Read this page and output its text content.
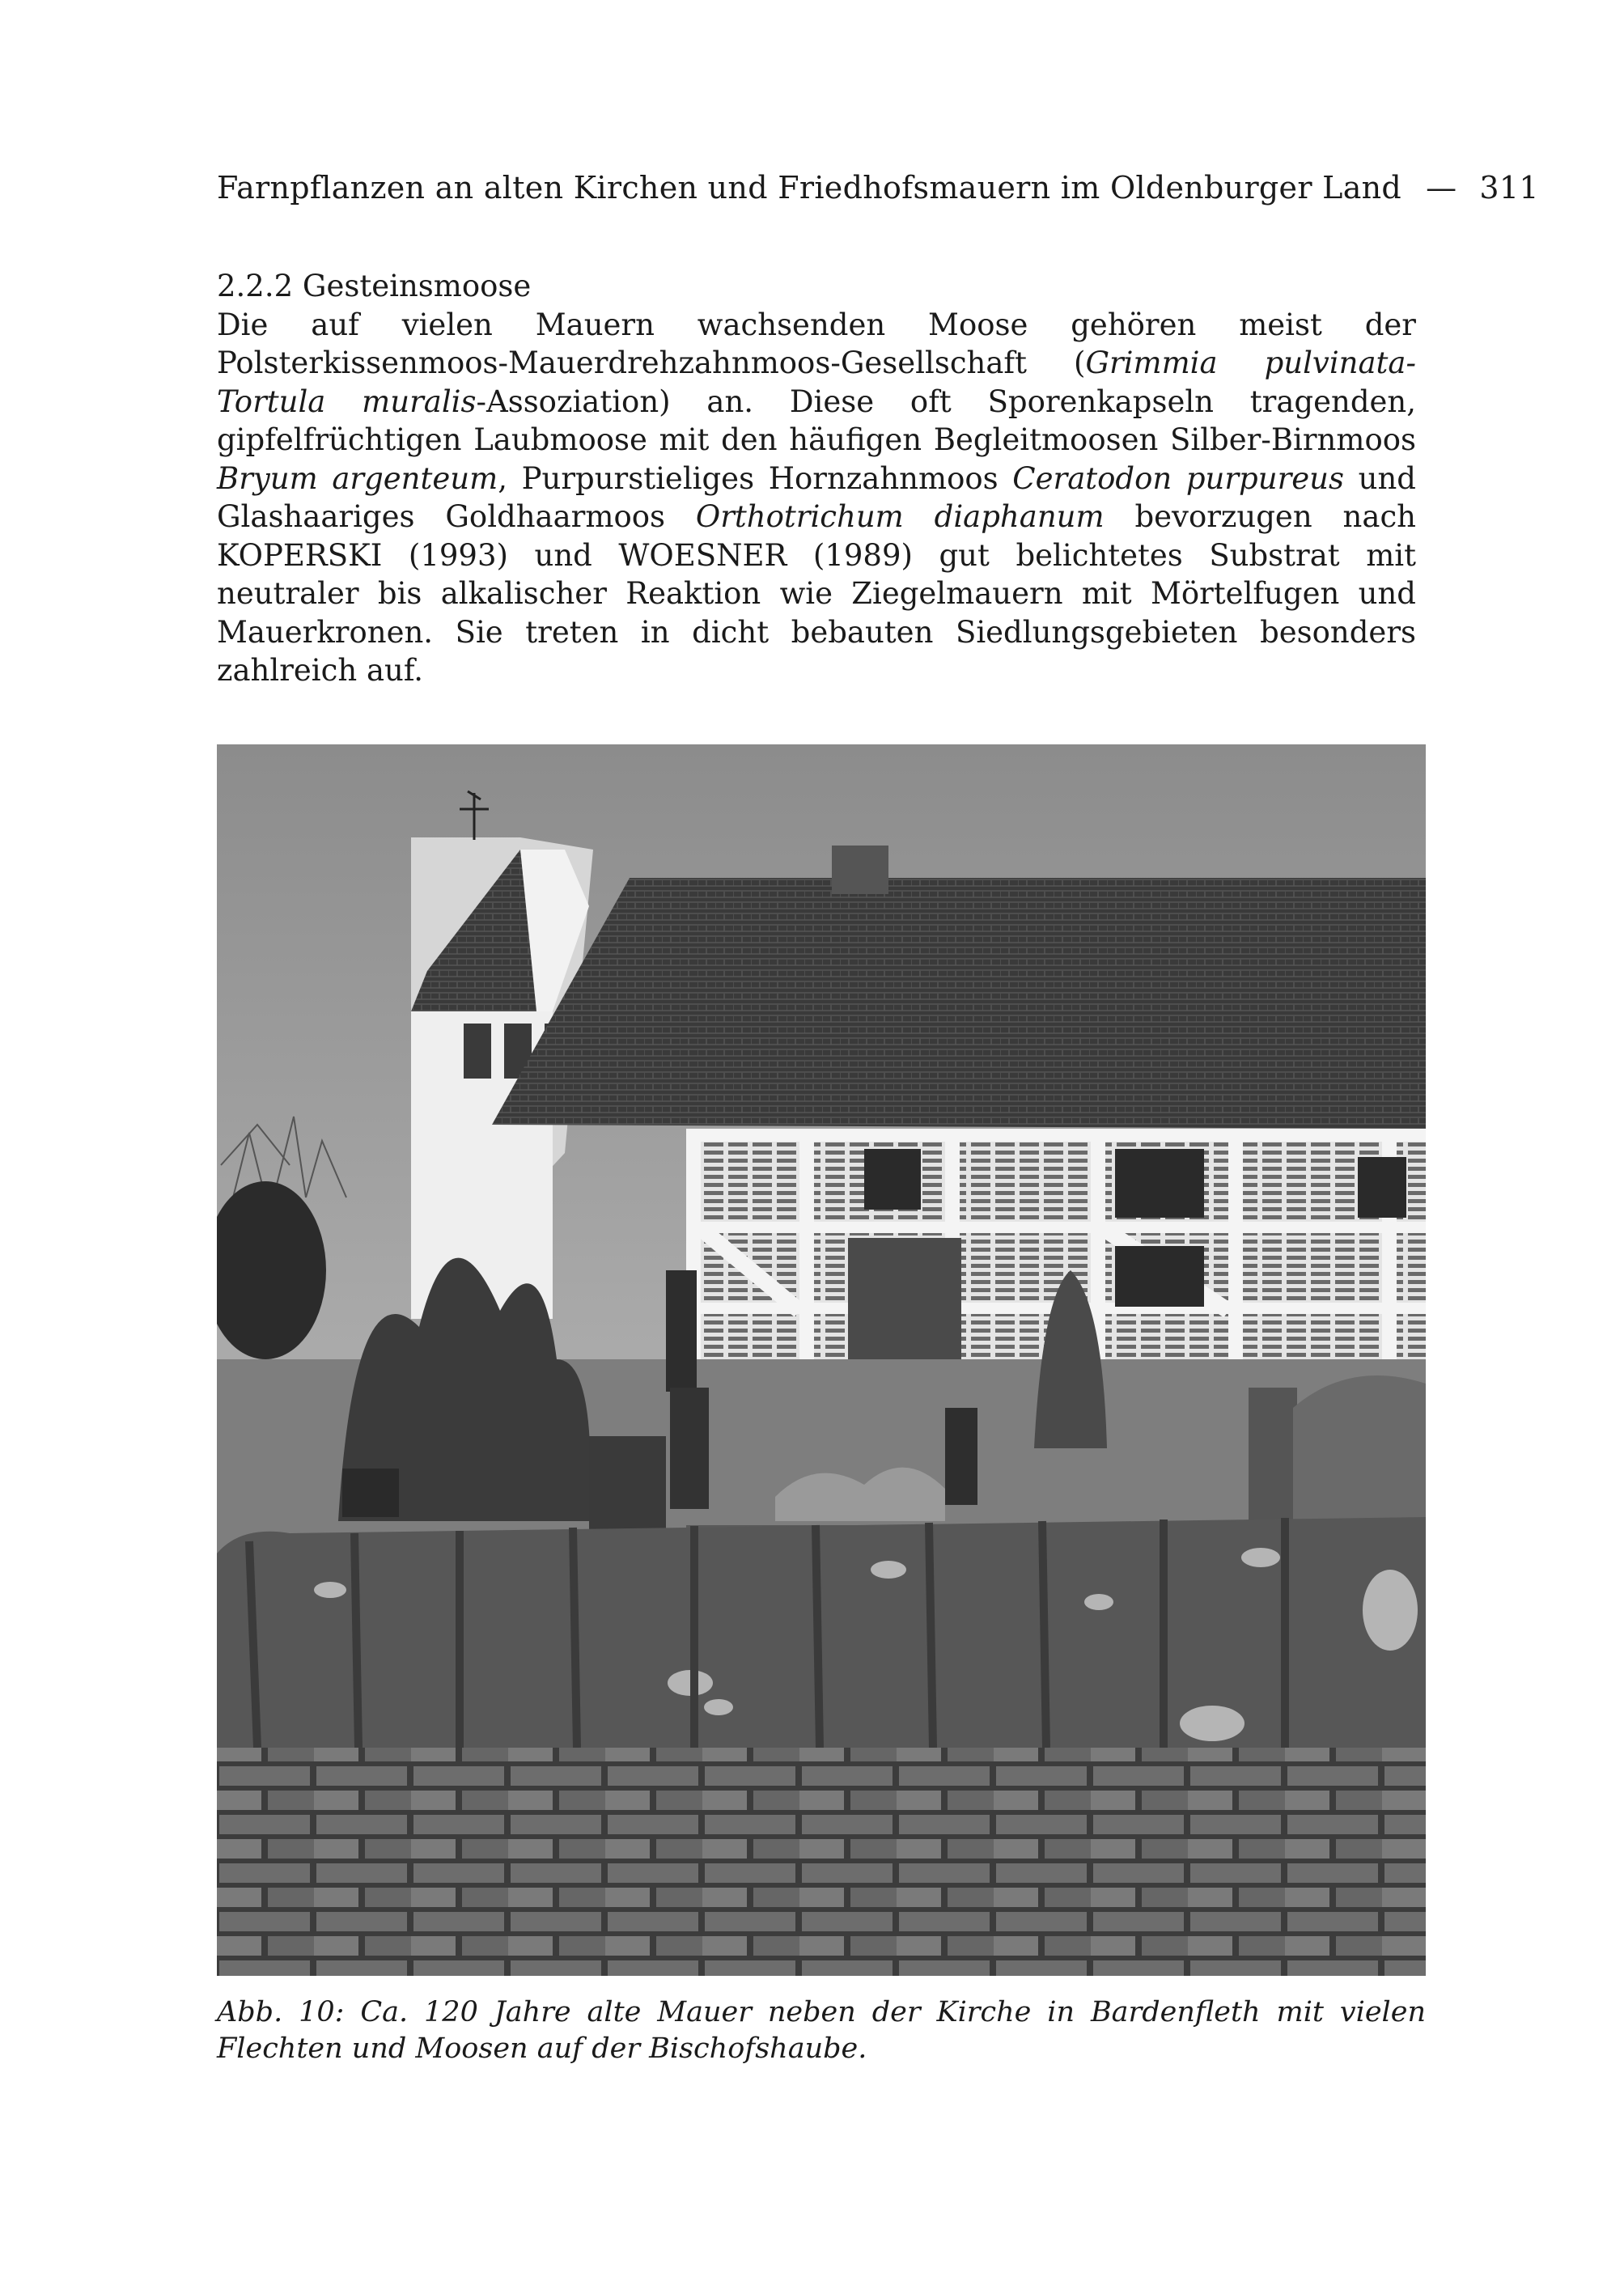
Farnpflanzen an alten Kirchen und Friedhofsmauern im Oldenburger Land — 311
2.2.2 Gesteinsmoose
Die auf vielen Mauern wachsenden Moose gehören meist der Polsterkissenmoos-Mauerdrehzahnmoos-Gesellschaft (Grimmia pulvinata-Tortula muralis-Assoziation) an. Diese oft Sporenkapseln tragenden, gipfelfrüchtigen Laubmoose mit den häufigen Begleitmoosen Silber-Birnmoos Bryum argenteum, Purpurstieliges Hornzahnmoos Ceratodon purpureus und Glashaariges Goldhaarmoos Orthotrichum diaphanum bevorzugen nach KOPERSKI (1993) und WOESNER (1989) gut belichtetes Substrat mit neutraler bis alkalischer Reaktion wie Ziegelmauern mit Mörtelfugen und Mauerkronen. Sie treten in dicht bebauten Siedlungsgebieten besonders zahlreich auf.
Abb. 10: Ca. 120 Jahre alte Mauer neben der Kirche in Bardenfleth mit vielen Flechten und Moosen auf der Bischofshaube.
